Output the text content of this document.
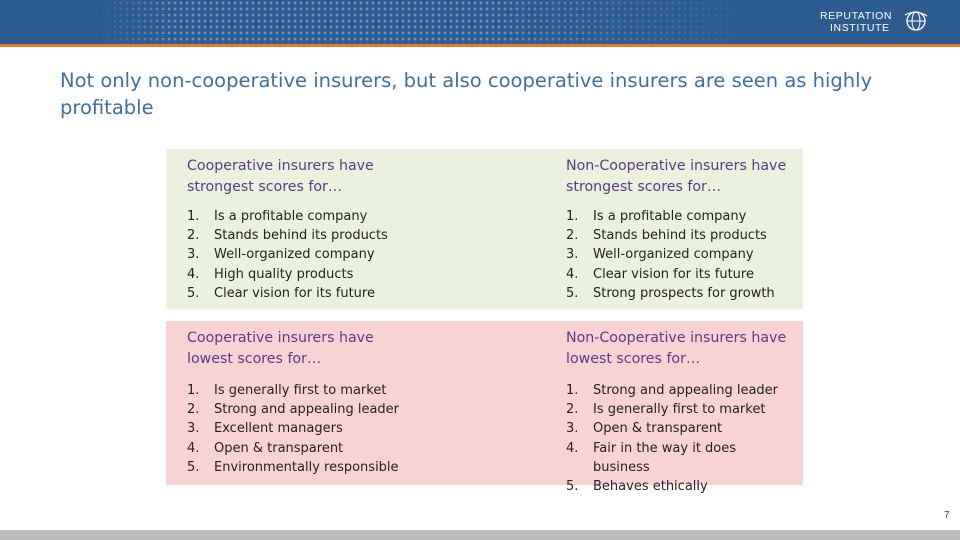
REPUTATION
INSTITUTE
Not only non-cooperative insurers, but also cooperative insurers are seen as highly profitable
Cooperative insurers have strongest scores for…
1.	Is a profitable company
2.	Stands behind its products
3.	Well-organized company
4.	High quality products
5.	Clear vision for its future
Non-Cooperative insurers have strongest scores for…
1.	Is a profitable company
2.	Stands behind its products
3.	Well-organized company
4.	Clear vision for its future
5.	Strong prospects for growth
Cooperative insurers have lowest scores for…
1.	Is generally first to market
2.	Strong and appealing leader
3.	Excellent managers
4.	Open & transparent
5.	Environmentally responsible
Non-Cooperative insurers have lowest scores for…
1.	Strong and appealing leader
2.	Is generally first to market
3.	Open & transparent
4.	Fair in the way it does business
5.	Behaves ethically
7
